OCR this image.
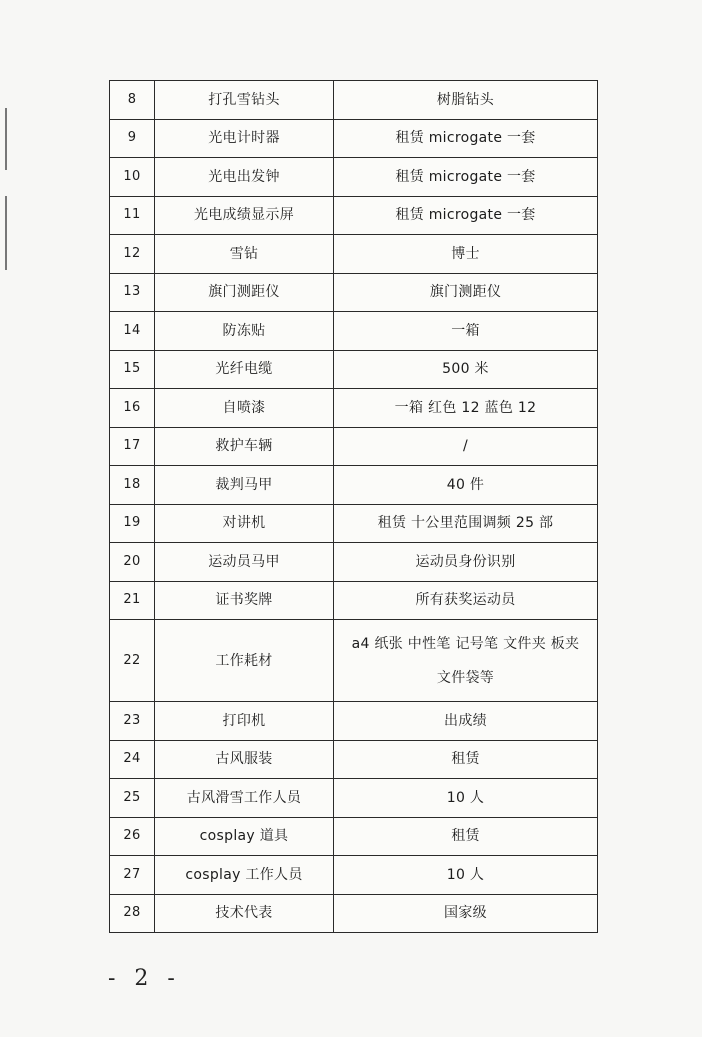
8	打孔雪钻头	树脂钻头
9	光电计时器	租赁 microgate 一套
10	光电出发钟	租赁 microgate 一套
11	光电成绩显示屏	租赁 microgate 一套
12	雪钻	博士
13	旗门测距仪	旗门测距仪
14	防冻贴	一箱
15	光纤电缆	500 米
16	自喷漆	一箱 红色 12 蓝色 12
17	救护车辆	/
18	裁判马甲	40 件
19	对讲机	租赁 十公里范围调频 25 部
20	运动员马甲	运动员身份识别
21	证书奖牌	所有获奖运动员
22	工作耗材	a4 纸张 中性笔 记号笔 文件夹 板夹 文件袋等
23	打印机	出成绩
24	古风服装	租赁
25	古风滑雪工作人员	10 人
26	cosplay 道具	租赁
27	cosplay 工作人员	10 人
28	技术代表	国家级
- 2 -
